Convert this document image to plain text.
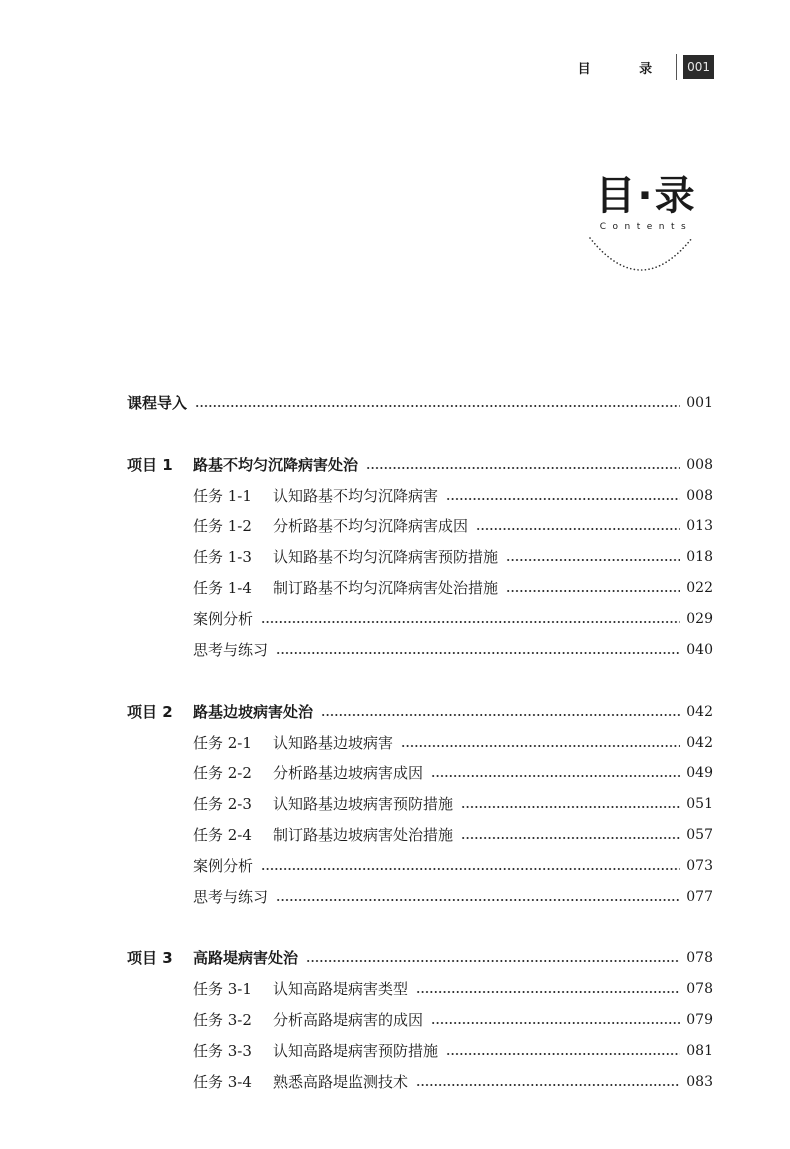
目 录	001
目·录
Contents
课程导入	001
项目 1	路基不均匀沉降病害处治	008
任务 1-1	认知路基不均匀沉降病害	008
任务 1-2	分析路基不均匀沉降病害成因	013
任务 1-3	认知路基不均匀沉降病害预防措施	018
任务 1-4	制订路基不均匀沉降病害处治措施	022
案例分析	029
思考与练习	040
项目 2	路基边坡病害处治	042
任务 2-1	认知路基边坡病害	042
任务 2-2	分析路基边坡病害成因	049
任务 2-3	认知路基边坡病害预防措施	051
任务 2-4	制订路基边坡病害处治措施	057
案例分析	073
思考与练习	077
项目 3	高路堤病害处治	078
任务 3-1	认知高路堤病害类型	078
任务 3-2	分析高路堤病害的成因	079
任务 3-3	认知高路堤病害预防措施	081
任务 3-4	熟悉高路堤监测技术	083
